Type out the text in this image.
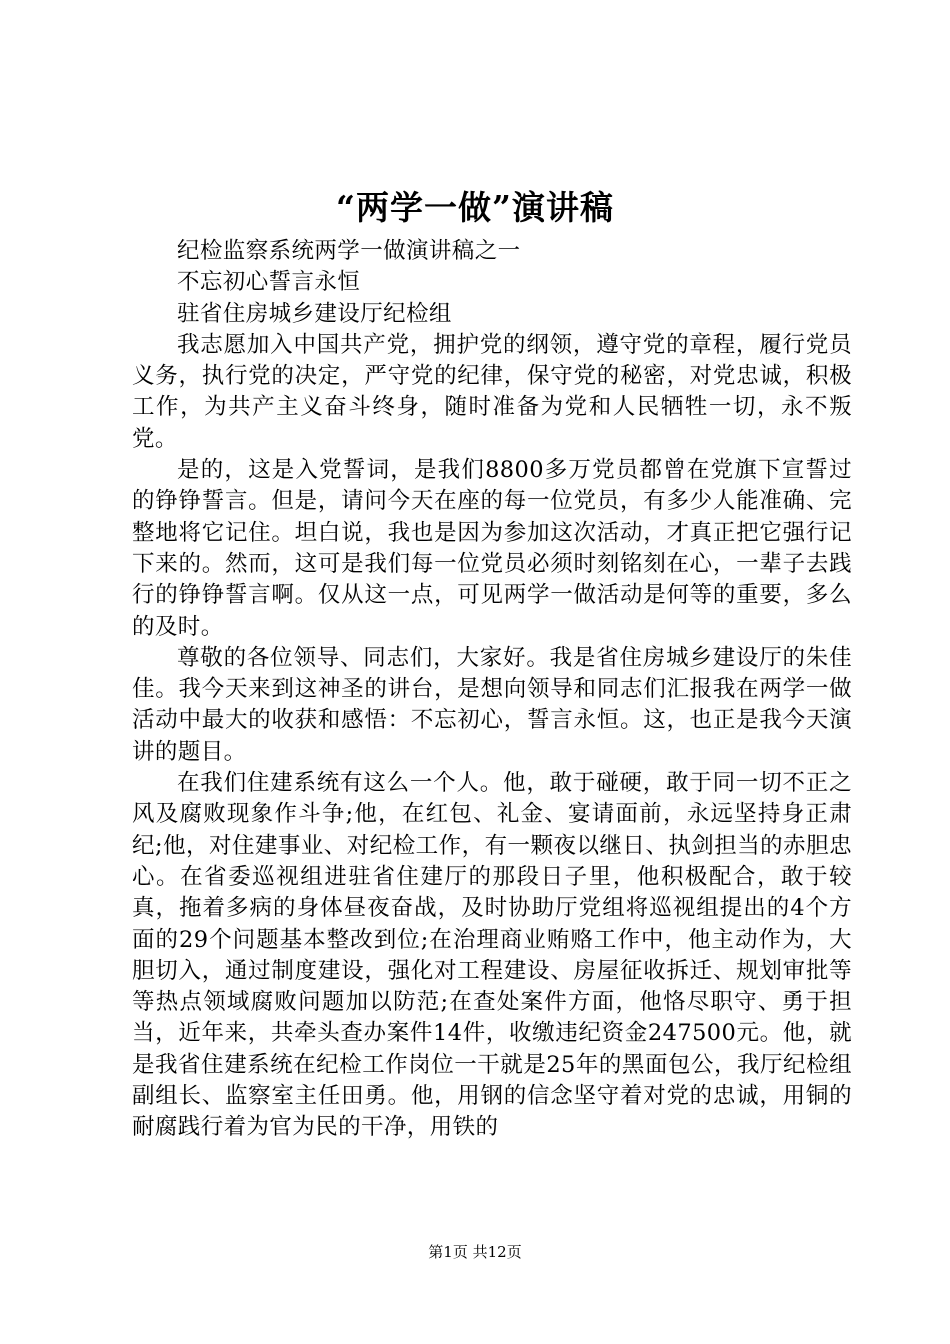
“两学一做”演讲稿

纪检监察系统两学一做演讲稿之一

不忘初心誓言永恒

驻省住房城乡建设厅纪检组

我志愿加入中国共产党，拥护党的纲领，遵守党的章程，履行党员义务，执行党的决定，严守党的纪律，保守党的秘密，对党忠诚，积极工作，为共产主义奋斗终身，随时准备为党和人民牺牲一切，永不叛党。

是的，这是入党誓词，是我们8800多万党员都曾在党旗下宣誓过的铮铮誓言。但是，请问今天在座的每一位党员，有多少人能准确、完整地将它记住。坦白说，我也是因为参加这次活动，才真正把它强行记下来的。然而，这可是我们每一位党员必须时刻铭刻在心，一辈子去践行的铮铮誓言啊。仅从这一点，可见两学一做活动是何等的重要，多么的及时。

尊敬的各位领导、同志们，大家好。我是省住房城乡建设厅的朱佳佳。我今天来到这神圣的讲台，是想向领导和同志们汇报我在两学一做活动中最大的收获和感悟：不忘初心，誓言永恒。这，也正是我今天演讲的题目。

在我们住建系统有这么一个人。他，敢于碰硬，敢于同一切不正之风及腐败现象作斗争;他，在红包、礼金、宴请面前，永远坚持身正肃纪;他，对住建事业、对纪检工作，有一颗夜以继日、执剑担当的赤胆忠心。在省委巡视组进驻省住建厅的那段日子里，他积极配合，敢于较真，拖着多病的身体昼夜奋战，及时协助厅党组将巡视组提出的4个方面的29个问题基本整改到位;在治理商业贿赂工作中，他主动作为，大胆切入，通过制度建设，强化对工程建设、房屋征收拆迁、规划审批等等热点领域腐败问题加以防范;在查处案件方面，他恪尽职守、勇于担当，近年来，共牵头查办案件14件，收缴违纪资金247500元。他，就是我省住建系统在纪检工作岗位一干就是25年的黑面包公，我厅纪检组副组长、监察室主任田勇。他，用钢的信念坚守着对党的忠诚，用铜的耐腐践行着为官为民的干净，用铁的

第1页 共12页
